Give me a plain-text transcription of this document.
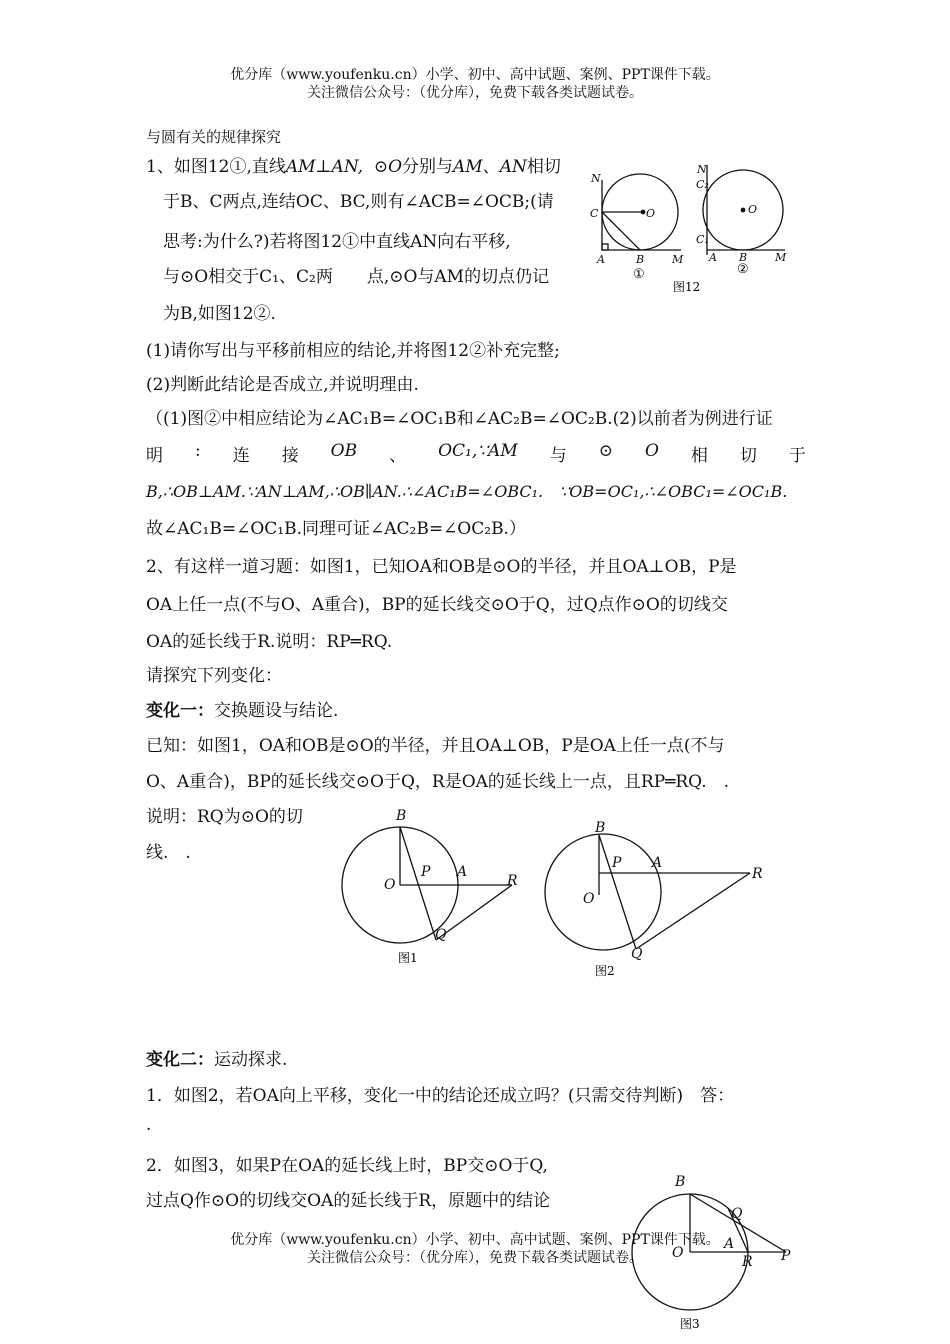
优分库（www.youfenku.cn）小学、初中、高中试题、案例、PPT课件下载。
关注微信公众号：（优分库），免费下载各类试题试卷。
与圆有关的规律探究
1、如图12①,直线AM⊥AN, ⊙O分别与AM、AN相切
于B、C两点,连结OC、BC,则有∠ACB=∠OCB;(请
思考:为什么?)若将图12①中直线AN向右平移,
与⊙O相交于C₁、C₂两　　点,⊙O与AM的切点仍记
为B,如图12②.
(1)请你写出与平移前相应的结论,并将图12②补充完整;
(2)判断此结论是否成立,并说明理由.
（(1)图②中相应结论为∠AC₁B=∠OC₁B和∠AC₂B=∠OC₂B.(2)以前者为例进行证
明 : 连 接 OB 、 OC₁,∵AM 与 ⊙ O 相 切 于
B,∴OB⊥AM.∵AN⊥AM,∴OB∥AN.∴∠AC₁B=∠OBC₁.　∵OB=OC₁,∴∠OBC₁=∠OC₁B.
故∠AC₁B=∠OC₁B.同理可证∠AC₂B=∠OC₂B.）
N
C	O
A	B	M
N
C₂
C₁
O
A B	M
①	②
图12
2、有这样一道习题：如图1，已知OA和OB是⊙O的半径，并且OA⊥OB，P是
OA上任一点(不与O、A重合)，BP的延长线交⊙O于Q，过Q点作⊙O的切线交
OA的延长线于R.说明：RP═RQ.
请探究下列变化：
变化一：交换题设与结论.
已知：如图1，OA和OB是⊙O的半径，并且OA⊥OB，P是OA上任一点(不与
O、A重合)，BP的延长线交⊙O于Q，R是OA的延长线上一点，且RP═RQ.　.
说明：RQ为⊙O的切
线.　.
B
O
P A
R
Q
图1
B
O
P A
R
Q
图2
变化二：运动探求.
1．如图2，若OA向上平移，变化一中的结论还成立吗？(只需交待判断)　答：
.
2．如图3，如果P在OA的延长线上时，BP交⊙O于Q,
过点Q作⊙O的切线交OA的延长线于R，原题中的结论
B
O
Q
A
R P
图3
优分库（www.youfenku.cn）小学、初中、高中试题、案例、PPT课件下载。
关注微信公众号：（优分库），免费下载各类试题试卷。
